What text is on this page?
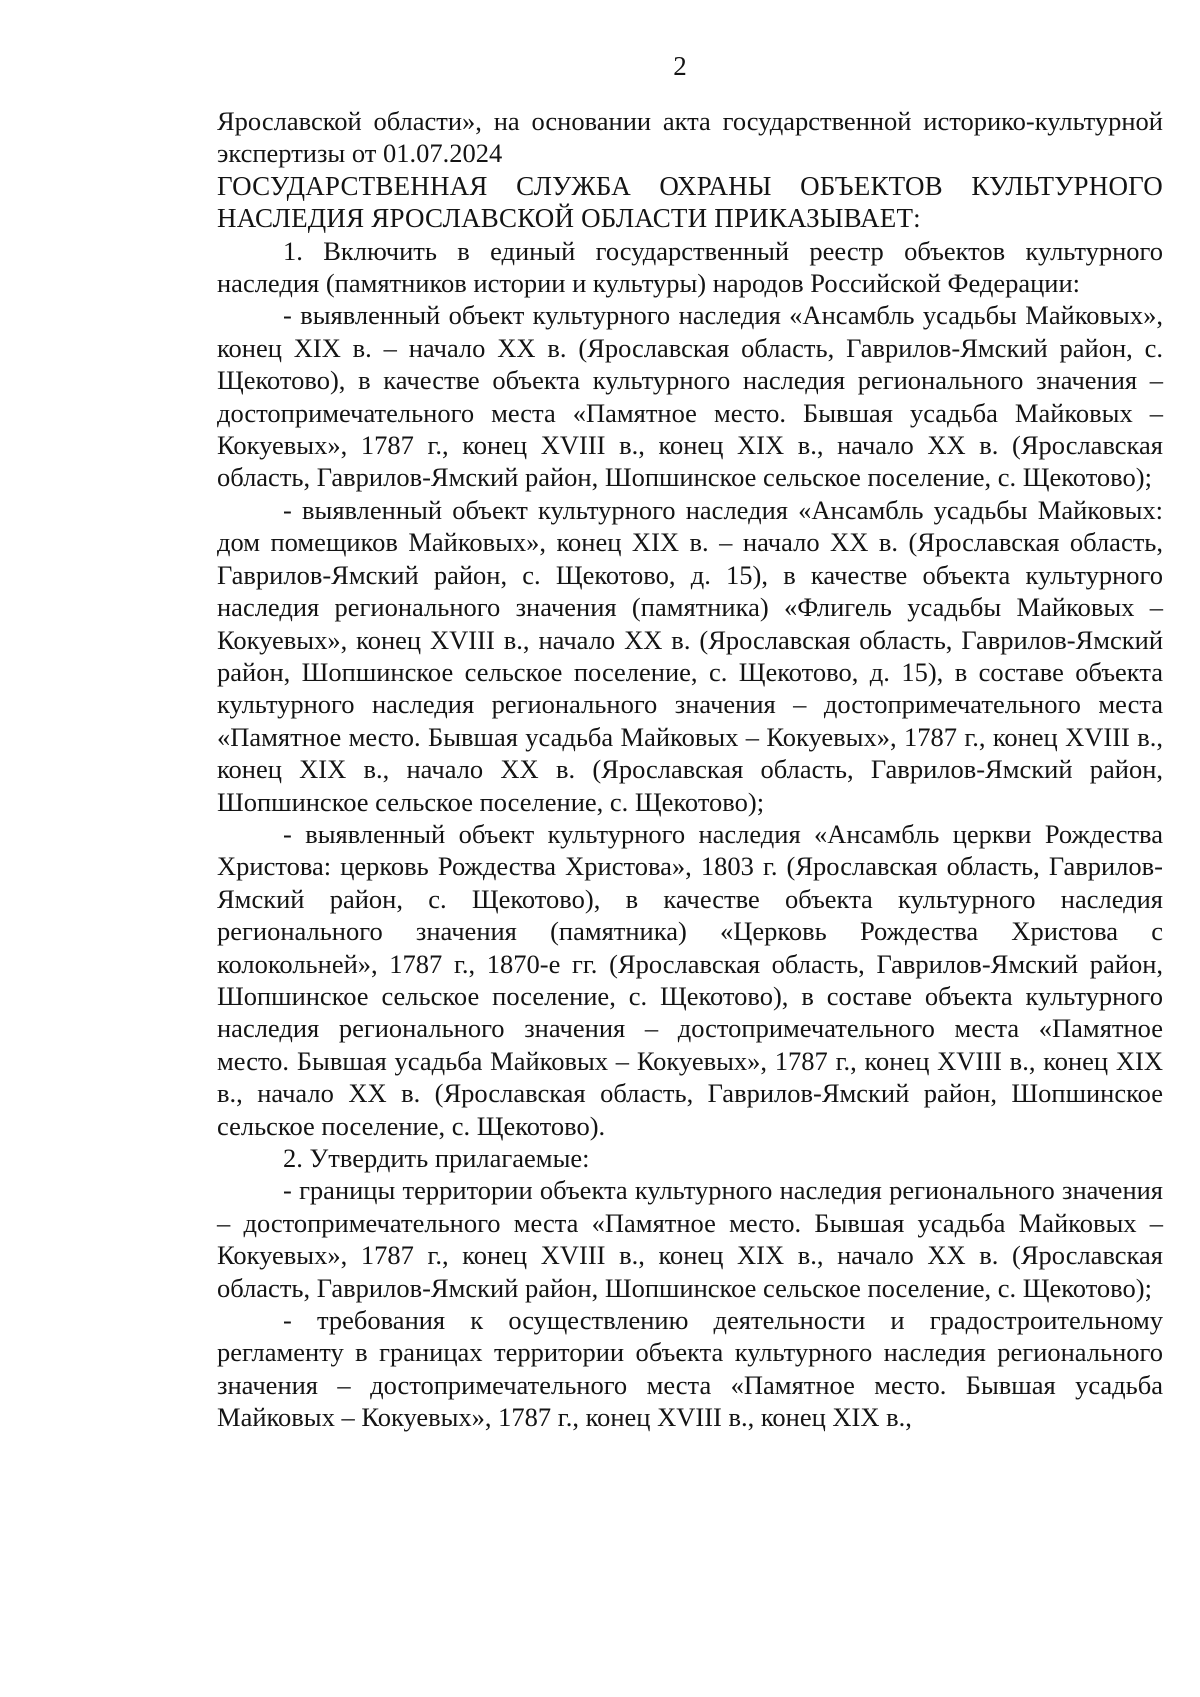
2

Ярославской области», на основании акта государственной историко-культурной экспертизы от 01.07.2024

ГОСУДАРСТВЕННАЯ СЛУЖБА ОХРАНЫ ОБЪЕКТОВ КУЛЬТУРНОГО НАСЛЕДИЯ ЯРОСЛАВСКОЙ ОБЛАСТИ ПРИКАЗЫВАЕТ:

1. Включить в единый государственный реестр объектов культурного наследия (памятников истории и культуры) народов Российской Федерации:

- выявленный объект культурного наследия «Ансамбль усадьбы Майковых», конец XIX в. – начало XX в. (Ярославская область, Гаврилов-Ямский район, с. Щекотово), в качестве объекта культурного наследия регионального значения – достопримечательного места «Памятное место. Бывшая усадьба Майковых – Кокуевых», 1787 г., конец XVIII в., конец XIX в., начало XX в. (Ярославская область, Гаврилов-Ямский район, Шопшинское сельское поселение, с. Щекотово);

- выявленный объект культурного наследия «Ансамбль усадьбы Майковых: дом помещиков Майковых», конец XIX в. – начало XX в. (Ярославская область, Гаврилов-Ямский район, с. Щекотово, д. 15), в качестве объекта культурного наследия регионального значения (памятника) «Флигель усадьбы Майковых – Кокуевых», конец XVIII в., начало XX в. (Ярославская область, Гаврилов-Ямский район, Шопшинское сельское поселение, с. Щекотово, д. 15), в составе объекта культурного наследия регионального значения – достопримечательного места «Памятное место. Бывшая усадьба Майковых – Кокуевых», 1787 г., конец XVIII в., конец XIX в., начало XX в. (Ярославская область, Гаврилов-Ямский район, Шопшинское сельское поселение, с. Щекотово);

- выявленный объект культурного наследия «Ансамбль церкви Рождества Христова: церковь Рождества Христова», 1803 г. (Ярославская область, Гаврилов-Ямский район, с. Щекотово), в качестве объекта культурного наследия регионального значения (памятника) «Церковь Рождества Христова с колокольней», 1787 г., 1870-е гг. (Ярославская область, Гаврилов-Ямский район, Шопшинское сельское поселение, с. Щекотово), в составе объекта культурного наследия регионального значения – достопримечательного места «Памятное место. Бывшая усадьба Майковых – Кокуевых», 1787 г., конец XVIII в., конец XIX в., начало XX в. (Ярославская область, Гаврилов-Ямский район, Шопшинское сельское поселение, с. Щекотово).

2. Утвердить прилагаемые:

- границы территории объекта культурного наследия регионального значения – достопримечательного места «Памятное место. Бывшая усадьба Майковых – Кокуевых», 1787 г., конец XVIII в., конец XIX в., начало XX в. (Ярославская область, Гаврилов-Ямский район, Шопшинское сельское поселение, с. Щекотово);

- требования к осуществлению деятельности и градостроительному регламенту в границах территории объекта культурного наследия регионального значения – достопримечательного места «Памятное место. Бывшая усадьба Майковых – Кокуевых», 1787 г., конец XVIII в., конец XIX в.,
